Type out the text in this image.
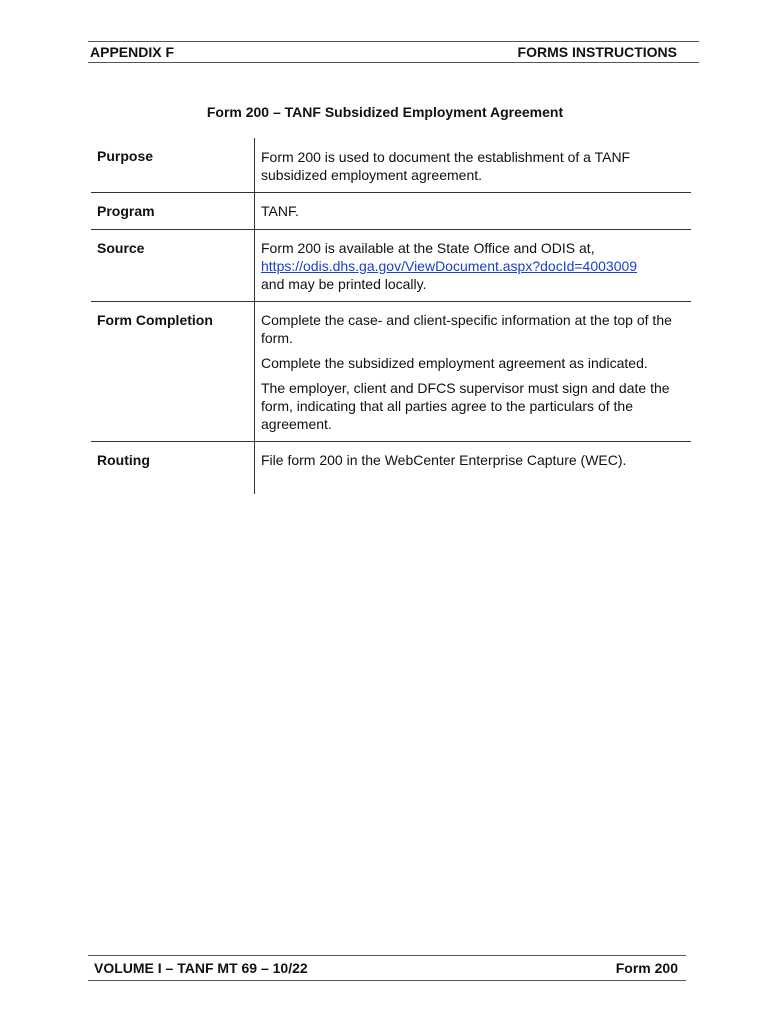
APPENDIX F	FORMS INSTRUCTIONS
Form 200 – TANF Subsidized Employment Agreement
Purpose	Form 200 is used to document the establishment of a TANF subsidized employment agreement.

Program	TANF.

Source	Form 200 is available at the State Office and ODIS at,
https://odis.dhs.ga.gov/ViewDocument.aspx?docId=4003009
and may be printed locally.

Form Completion	Complete the case- and client-specific information at the top of the form.

Complete the subsidized employment agreement as indicated.

The employer, client and DFCS supervisor must sign and date the form, indicating that all parties agree to the particulars of the agreement.

Routing	File form 200 in the WebCenter Enterprise Capture (WEC).

VOLUME I – TANF MT 69 – 10/22	Form 200
